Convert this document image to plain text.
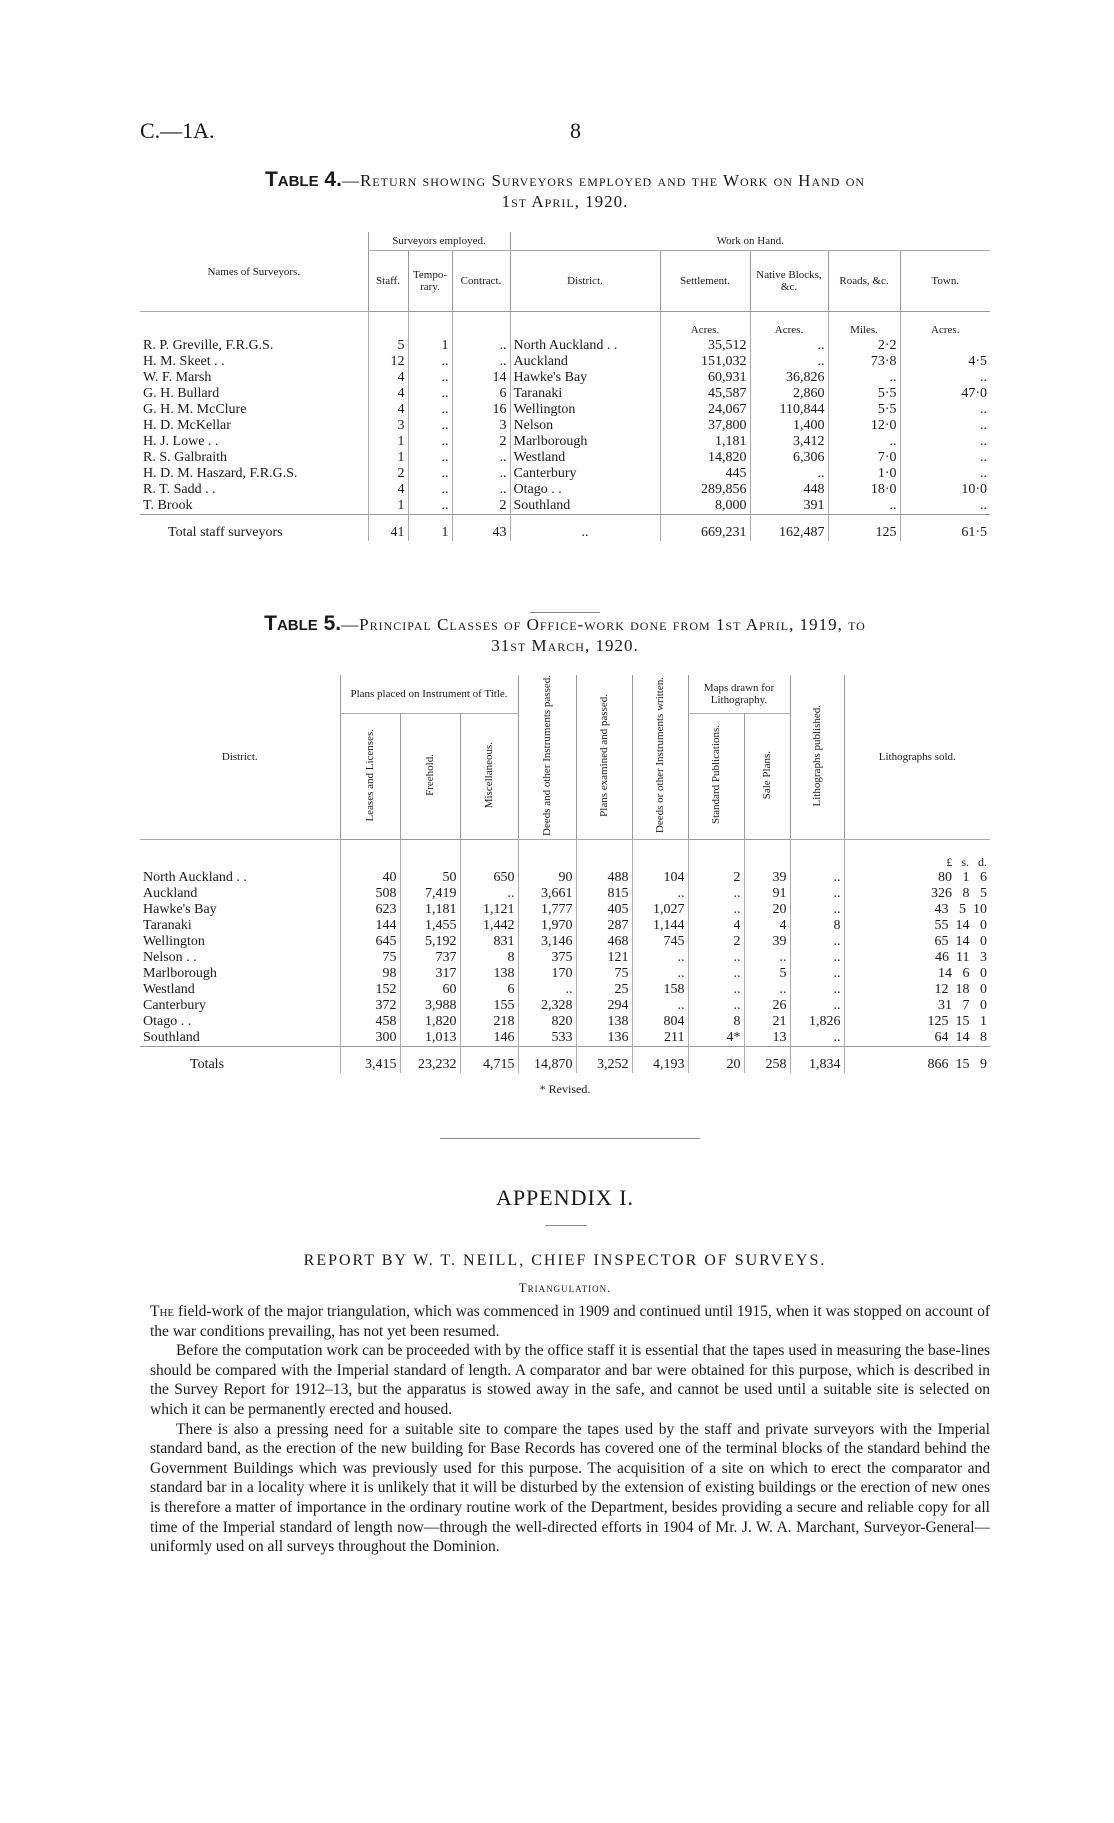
C.—1A.	8
Table 4.—Return showing Surveyors employed and the Work on Hand on
1st April, 1920.
Names of Surveyors.	Surveyors employed.			Work on Hand.				
	Staff.	Tempo-rary.	Contract.	District.	Settlement.	Native Blocks, &c.	Roads, &c.	Town.
					Acres.	Acres.	Miles.	Acres.
R. P. Greville, F.R.G.S.	5	1	..	North Auckland . .	35,512	..	2·2	
H. M. Skeet . .	12	..	..	Auckland	151,032	..	73·8	4·5
W. F. Marsh	4	..	14	Hawke's Bay	60,931	36,826	..	..
G. H. Bullard	4	..	6	Taranaki	45,587	2,860	5·5	47·0
G. H. M. McClure	4	..	16	Wellington	24,067	110,844	5·5	..
H. D. McKellar	3	..	3	Nelson	37,800	1,400	12·0	..
H. J. Lowe . .	1	..	2	Marlborough	1,181	3,412	..	..
R. S. Galbraith	1	..	..	Westland	14,820	6,306	7·0	..
H. D. M. Haszard, F.R.G.S.	2	..	..	Canterbury	445	..	1·0	..
R. T. Sadd . .	4	..	..	Otago . .	289,856	448	18·0	10·0
T. Brook	1	..	2	Southland	8,000	391	..	..
Total staff surveyors	41	1	43	..	669,231	162,487	125	61·5
Table 5.—Principal Classes of Office-work done from 1st April, 1919, to
31st March, 1920.
District.	Plans placed on Instrument of Title.			Deeds and other Instruments passed.	Plans examined and passed.	Deeds or other Instruments written.	Maps drawn for Lithography.		Lithographs published.	Lithographs sold.
	Leases and Licenses.	Freehold.	Miscellaneous.				Standard Publications.	Sale Plans.		
										£   s.   d.
North Auckland . .	40	50	650	90	488	104	2	39	..	80   1   6
Auckland	508	7,419	..	3,661	815	..	..	91	..	326   8   5
Hawke's Bay	623	1,181	1,121	1,777	405	1,027	..	20	..	43   5  10
Taranaki	144	1,455	1,442	1,970	287	1,144	4	4	8	55  14   0
Wellington	645	5,192	831	3,146	468	745	2	39	..	65  14   0
Nelson . .	75	737	8	375	121	..	..	..	..	46  11   3
Marlborough	98	317	138	170	75	..	..	5	..	14   6   0
Westland	152	60	6	..	25	158	..	..	..	12  18   0
Canterbury	372	3,988	155	2,328	294	..	..	26	..	31   7   0
Otago . .	458	1,820	218	820	138	804	8	21	1,826	125  15   1
Southland	300	1,013	146	533	136	211	4*	13	..	64  14   8
Totals	3,415	23,232	4,715	14,870	3,252	4,193	20	258	1,834	866  15   9
* Revised.
APPENDIX I.
REPORT BY W. T. NEILL, CHIEF INSPECTOR OF SURVEYS.
Triangulation.

The field-work of the major triangulation, which was commenced in 1909 and continued until 1915, when it was stopped on account of the war conditions prevailing, has not yet been resumed.

Before the computation work can be proceeded with by the office staff it is essential that the tapes used in measuring the base-lines should be compared with the Imperial standard of length. A comparator and bar were obtained for this purpose, which is described in the Survey Report for 1912–13, but the apparatus is stowed away in the safe, and cannot be used until a suitable site is selected on which it can be permanently erected and housed.

There is also a pressing need for a suitable site to compare the tapes used by the staff and private surveyors with the Imperial standard band, as the erection of the new building for Base Records has covered one of the terminal blocks of the standard behind the Government Buildings which was previously used for this purpose. The acquisition of a site on which to erect the comparator and standard bar in a locality where it is unlikely that it will be disturbed by the extension of existing buildings or the erection of new ones is therefore a matter of importance in the ordinary routine work of the Department, besides providing a secure and reliable copy for all time of the Imperial standard of length now—through the well-directed efforts in 1904 of Mr. J. W. A. Marchant, Surveyor-General—uniformly used on all surveys throughout the Dominion.
